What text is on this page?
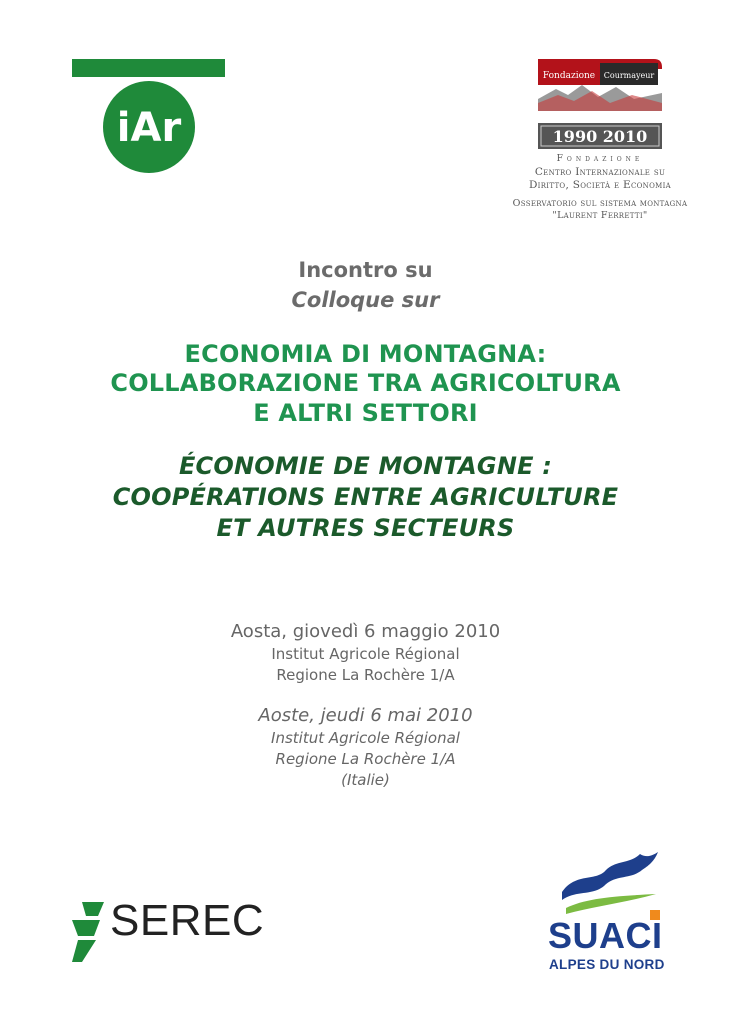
iAr
Fondazione Courmayeur
1990 2010
Fondazione
Centro Internazionale su
Diritto, Società e Economia
Osservatorio sul sistema montagna
"Laurent Ferretti"
Incontro su
Colloque sur
ECONOMIA DI MONTAGNA:
COLLABORAZIONE TRA AGRICOLTURA
E ALTRI SETTORI
ÉCONOMIE DE MONTAGNE :
COOPÉRATIONS ENTRE AGRICULTURE
ET AUTRES SECTEURS
Aosta, giovedì 6 maggio 2010
Institut Agricole Régional
Regione La Rochère 1/A
Aoste, jeudi 6 mai 2010
Institut Agricole Régional
Regione La Rochère 1/A
(Italie)
SEREC	SUACI
ALPES DU NORD
